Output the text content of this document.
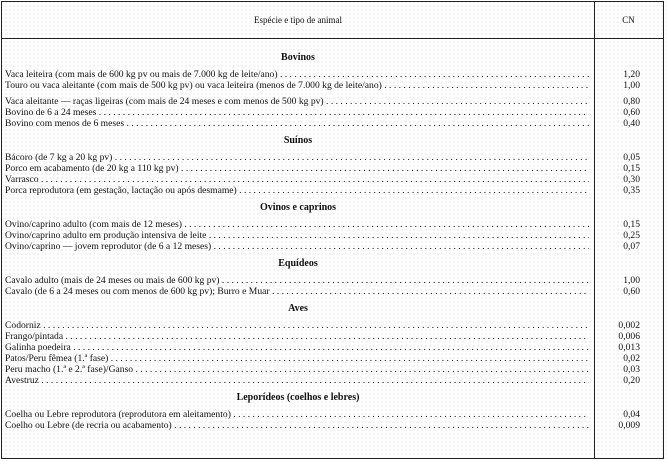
Espécie e tipo de animal	CN
Bovinos
Vaca leiteira (com mais de 600 kg pv ou mais de 7.000 kg de leite/ano) . . .	1,20
Touro ou vaca aleitante (com mais de 500 kg pv) ou vaca leiteira (menos de 7.000 kg de leite/ano) . . .	1,00
Vaca aleitante — raças ligeiras (com mais de 24 meses e com menos de 500 kg pv) . . .	0,80
Bovino de 6 a 24 meses . . .	0,60
Bovino com menos de 6 meses . . .	0,40
Suínos
Bácoro (de 7 kg a 20 kg pv) . . .	0,05
Porco em acabamento (de 20 kg a 110 kg pv) . . .	0,15
Varrasco . . .	0,30
Porca reprodutora (em gestação, lactação ou após desmame) . . .	0,35
Ovinos e caprinos
Ovino/caprino adulto (com mais de 12 meses) . . .	0,15
Ovino/caprino adulto em produção intensiva de leite . . .	0,25
Ovino/caprino — jovem reprodutor (de 6 a 12 meses) . . .	0,07
Equídeos
Cavalo adulto (mais de 24 meses ou mais de 600 kg pv) . . .	1,00
Cavalo (de 6 a 24 meses ou com menos de 600 kg pv); Burro e Muar . . .	0,60
Aves
Codorniz . . .	0,002
Frango/pintada . . .	0,006
Galinha poedeira . . .	0,013
Patos/Peru fêmea (1.ª fase) . . .	0,02
Peru macho (1.ª e 2.ª fase)/Ganso . . .	0,03
Avestruz . . .	0,20
Leporídeos (coelhos e lebres)
Coelha ou Lebre reprodutora (reprodutora em aleitamento) . . .	0,04
Coelho ou Lebre (de recria ou acabamento) . . .	0,009
